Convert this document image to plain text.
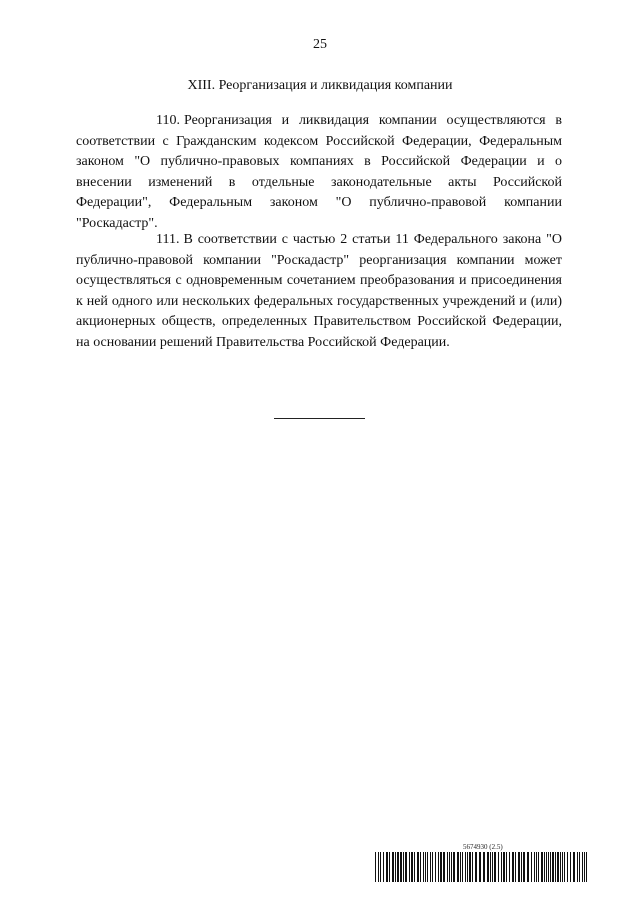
25
XIII. Реорганизация и ликвидация компании

110. Реорганизация и ликвидация компании осуществляются в соответствии с Гражданским кодексом Российской Федерации, Федеральным законом "О публично-правовых компаниях в Российской Федерации и о внесении изменений в отдельные законодательные акты Российской Федерации", Федеральным законом "О публично-правовой компании "Роскадастр".

111. В соответствии с частью 2 статьи 11 Федерального закона "О публично-правовой компании "Роскадастр" реорганизация компании может осуществляться с одновременным сочетанием преобразования и присоединения к ней одного или нескольких федеральных государственных учреждений и (или) акционерных обществ, определенных Правительством Российской Федерации, на основании решений Правительства Российской Федерации.

5674930 (2.5)
